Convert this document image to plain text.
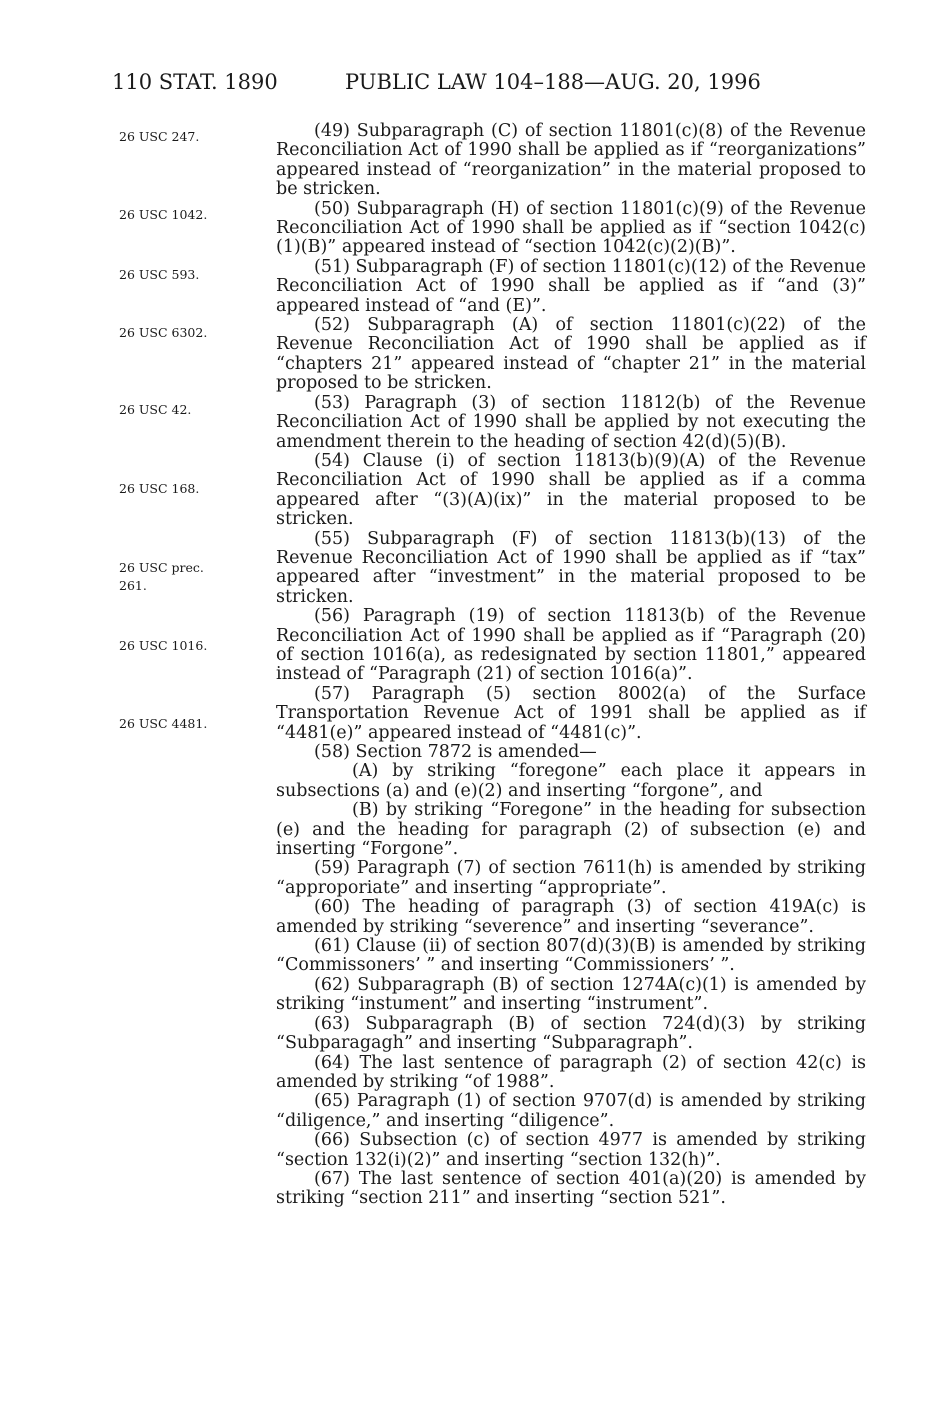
110 STAT. 1890	PUBLIC LAW 104–188—AUG. 20, 1996
26 USC 247.
26 USC 1042.
26 USC 593.
26 USC 6302.
26 USC 42.
26 USC 168.
26 USC prec.
261.
26 USC 1016.
26 USC 4481.

(49) Subparagraph (C) of section 11801(c)(8) of the Revenue Reconciliation Act of 1990 shall be applied as if “reorganizations” appeared instead of “reorganization” in the material proposed to be stricken.

(50) Subparagraph (H) of section 11801(c)(9) of the Revenue Reconciliation Act of 1990 shall be applied as if “section 1042(c)(1)(B)” appeared instead of “section 1042(c)(2)(B)”.

(51) Subparagraph (F) of section 11801(c)(12) of the Revenue Reconciliation Act of 1990 shall be applied as if “and (3)” appeared instead of “and (E)”.

(52) Subparagraph (A) of section 11801(c)(22) of the Revenue Reconciliation Act of 1990 shall be applied as if “chapters 21” appeared instead of “chapter 21” in the material proposed to be stricken.

(53) Paragraph (3) of section 11812(b) of the Revenue Reconciliation Act of 1990 shall be applied by not executing the amendment therein to the heading of section 42(d)(5)(B).

(54) Clause (i) of section 11813(b)(9)(A) of the Revenue Reconciliation Act of 1990 shall be applied as if a comma appeared after “(3)(A)(ix)” in the material proposed to be stricken.

(55) Subparagraph (F) of section 11813(b)(13) of the Revenue Reconciliation Act of 1990 shall be applied as if “tax” appeared after “investment” in the material proposed to be stricken.

(56) Paragraph (19) of section 11813(b) of the Revenue Reconciliation Act of 1990 shall be applied as if “Paragraph (20) of section 1016(a), as redesignated by section 11801,” appeared instead of “Paragraph (21) of section 1016(a)”.

(57) Paragraph (5) section 8002(a) of the Surface Transportation Revenue Act of 1991 shall be applied as if “4481(e)” appeared instead of “4481(c)”.

(58) Section 7872 is amended—

(A) by striking “foregone” each place it appears in subsections (a) and (e)(2) and inserting “forgone”, and

(B) by striking “Foregone” in the heading for subsection (e) and the heading for paragraph (2) of subsection (e) and inserting “Forgone”.

(59) Paragraph (7) of section 7611(h) is amended by striking “approporiate” and inserting “appropriate”.

(60) The heading of paragraph (3) of section 419A(c) is amended by striking “severence” and inserting “severance”.

(61) Clause (ii) of section 807(d)(3)(B) is amended by striking “Commissoners’ ” and inserting “Commissioners’ ”.

(62) Subparagraph (B) of section 1274A(c)(1) is amended by striking “instument” and inserting “instrument”.

(63) Subparagraph (B) of section 724(d)(3) by striking “Subparagagh” and inserting “Subparagraph”.

(64) The last sentence of paragraph (2) of section 42(c) is amended by striking “of 1988”.

(65) Paragraph (1) of section 9707(d) is amended by striking “diligence,” and inserting “diligence”.

(66) Subsection (c) of section 4977 is amended by striking “section 132(i)(2)” and inserting “section 132(h)”.

(67) The last sentence of section 401(a)(20) is amended by striking “section 211” and inserting “section 521”.
